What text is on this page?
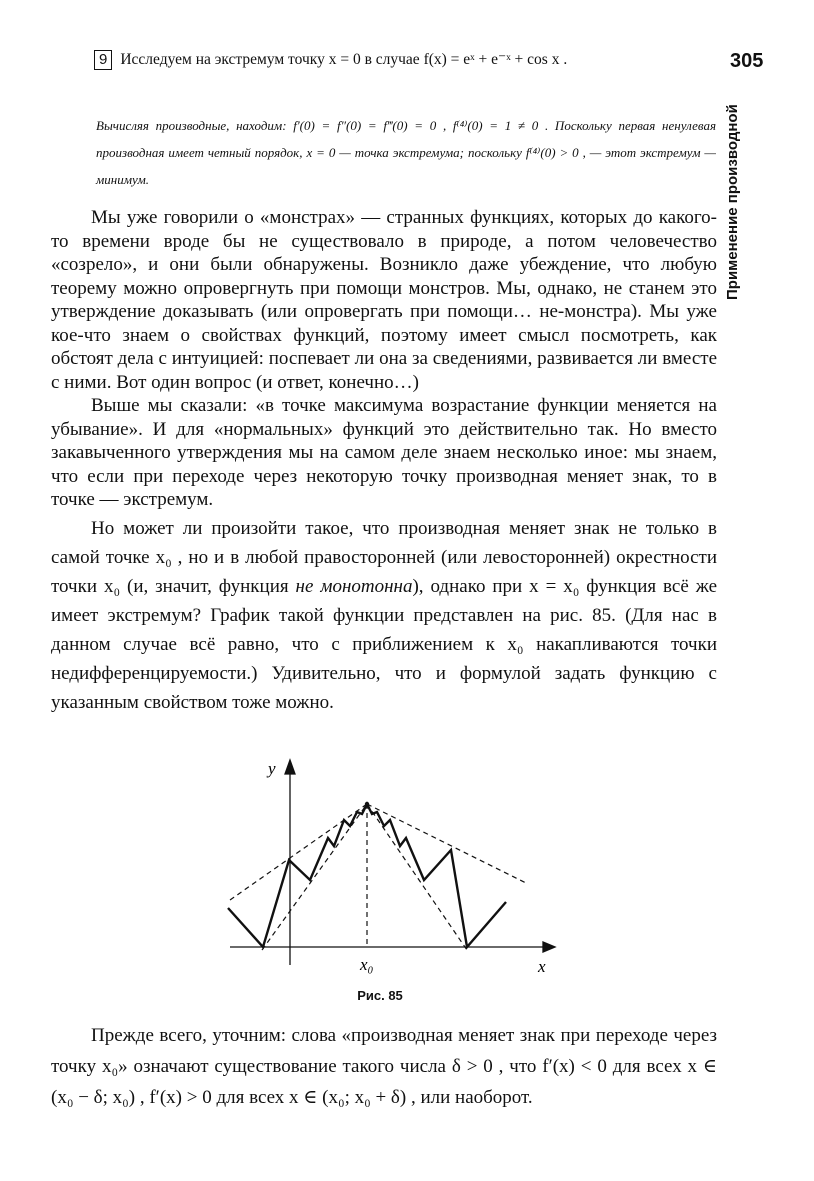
9 Исследуем на экстремум точку x = 0 в случае f(x) = eˣ + e⁻ˣ + cos x .	305
Применение производной
Вычисляя производные, находим: f′(0) = f″(0) = f‴(0) = 0 , f⁽⁴⁾(0) = 1 ≠ 0 . Поскольку первая ненулевая производная имеет четный порядок, x = 0 — точка экстремума; поскольку f⁽⁴⁾(0) > 0 , — этот экстремум — минимум.

Мы уже говорили о «монстрах» — странных функциях, которых до какого-то времени вроде бы не существовало в природе, а потом человечество «созрело», и они были обнаружены. Возникло даже убеждение, что любую теорему можно опровергнуть при помощи монстров. Мы, однако, не станем это утверждение доказывать (или опровергать при помощи… не-монстра). Мы уже кое-что знаем о свойствах функций, поэтому имеет смысл посмотреть, как обстоят дела с интуицией: поспевает ли она за сведениями, развивается ли вместе с ними. Вот один вопрос (и ответ, конечно…)

Выше мы сказали: «в точке максимума возрастание функции меняется на убывание». И для «нормальных» функций это действительно так. Но вместо закавыченного утверждения мы на самом деле знаем несколько иное: мы знаем, что если при переходе через некоторую точку производная меняет знак, то в точке — экстремум.

Но может ли произойти такое, что производная меняет знак не только в самой точке x₀ , но и в любой правосторонней (или левосторонней) окрестности точки x₀ (и, значит, функция не монотонна), однако при x = x₀ функция всё же имеет экстремум? График такой функции представлен на рис. 85. (Для нас в данном случае всё равно, что с приближением к x₀ накапливаются точки недифференцируемости.) Удивительно, что и формулой задать функцию с указанным свойством тоже можно.

y
x
x₀
Рис. 85

Прежде всего, уточним: слова «производная меняет знак при переходе через точку x₀» означают существование такого числа δ > 0 , что f′(x) < 0 для всех x ∈ (x₀ − δ; x₀) , f′(x) > 0 для всех x ∈ (x₀; x₀ + δ) , или наоборот.
